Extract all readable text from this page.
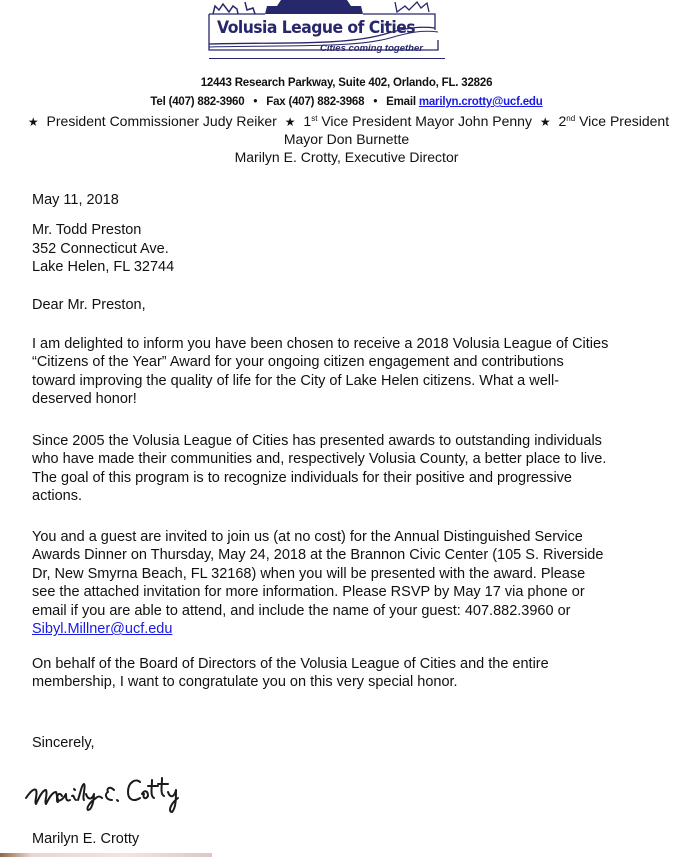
Volusia League of Cities
Cities coming together
12443 Research Parkway, Suite 402, Orlando, FL. 32826
Tel (407) 882-3960 • Fax (407) 882-3968 • Email marilyn.crotty@ucf.edu
★ President Commissioner Judy Reiker ★ 1st Vice President Mayor John Penny ★ 2nd Vice President
Mayor Don Burnette
Marilyn E. Crotty, Executive Director
May 11, 2018
Mr. Todd Preston
352 Connecticut Ave.
Lake Helen, FL 32744
Dear Mr. Preston,
I am delighted to inform you have been chosen to receive a 2018 Volusia League of Cities
“Citizens of the Year” Award for your ongoing citizen engagement and contributions
toward improving the quality of life for the City of Lake Helen citizens. What a well-
deserved honor!
Since 2005 the Volusia League of Cities has presented awards to outstanding individuals
who have made their communities and, respectively Volusia County, a better place to live.
The goal of this program is to recognize individuals for their positive and progressive
actions.
You and a guest are invited to join us (at no cost) for the Annual Distinguished Service
Awards Dinner on Thursday, May 24, 2018 at the Brannon Civic Center (105 S. Riverside
Dr, New Smyrna Beach, FL 32168) when you will be presented with the award. Please
see the attached invitation for more information. Please RSVP by May 17 via phone or
email if you are able to attend, and include the name of your guest: 407.882.3960 or
Sibyl.Millner@ucf.edu
On behalf of the Board of Directors of the Volusia League of Cities and the entire
membership, I want to congratulate you on this very special honor.
Sincerely,
Marilyn E. Crotty
